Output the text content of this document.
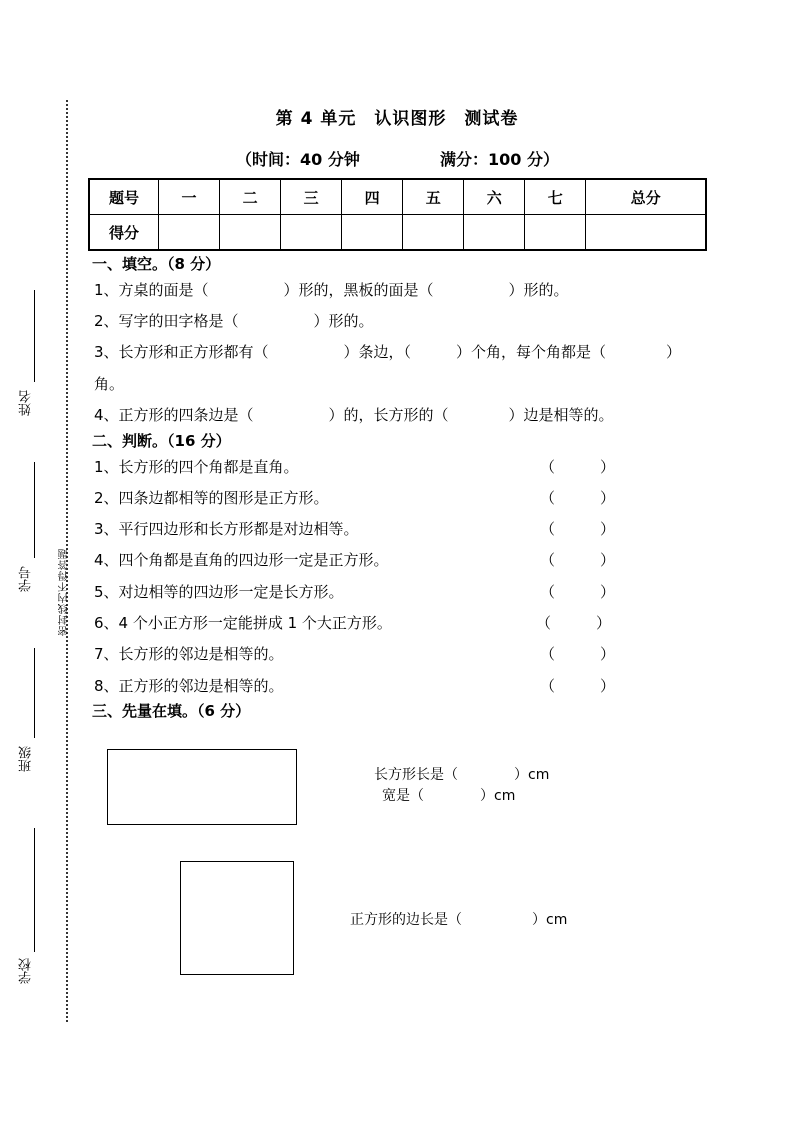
密封线内不得答题
姓名
学号
班级
学校
第 4 单元　认识图形　测试卷
（时间：40 分钟	满分：100 分）
题号	一	二	三	四	五	六	七	总分
得分								
一、填空。（8 分）
1、方桌的面是（　　　　　）形的，黑板的面是（　　　　　）形的。
2、写字的田字格是（　　　　　）形的。
3、长方形和正方形都有（　　　　　）条边，（　　　）个角，每个角都是（　　　　）
角。
4、正方形的四条边是（　　　　　）的，长方形的（　　　　）边是相等的。
二、判断。（16 分）
1、长方形的四个角都是直角。	（　　　）
2、四条边都相等的图形是正方形。	（　　　）
3、平行四边形和长方形都是对边相等。	（　　　）
4、四个角都是直角的四边形一定是正方形。	（　　　）
5、对边相等的四边形一定是长方形。	（　　　）
6、4 个小正方形一定能拼成 1 个大正方形。	（　　　）
7、长方形的邻边是相等的。	（　　　）
8、正方形的邻边是相等的。	（　　　）
三、先量在填。（6 分）
长方形长是（　　　　）cm
宽是（　　　　）cm
正方形的边长是（　　　　　）cm
